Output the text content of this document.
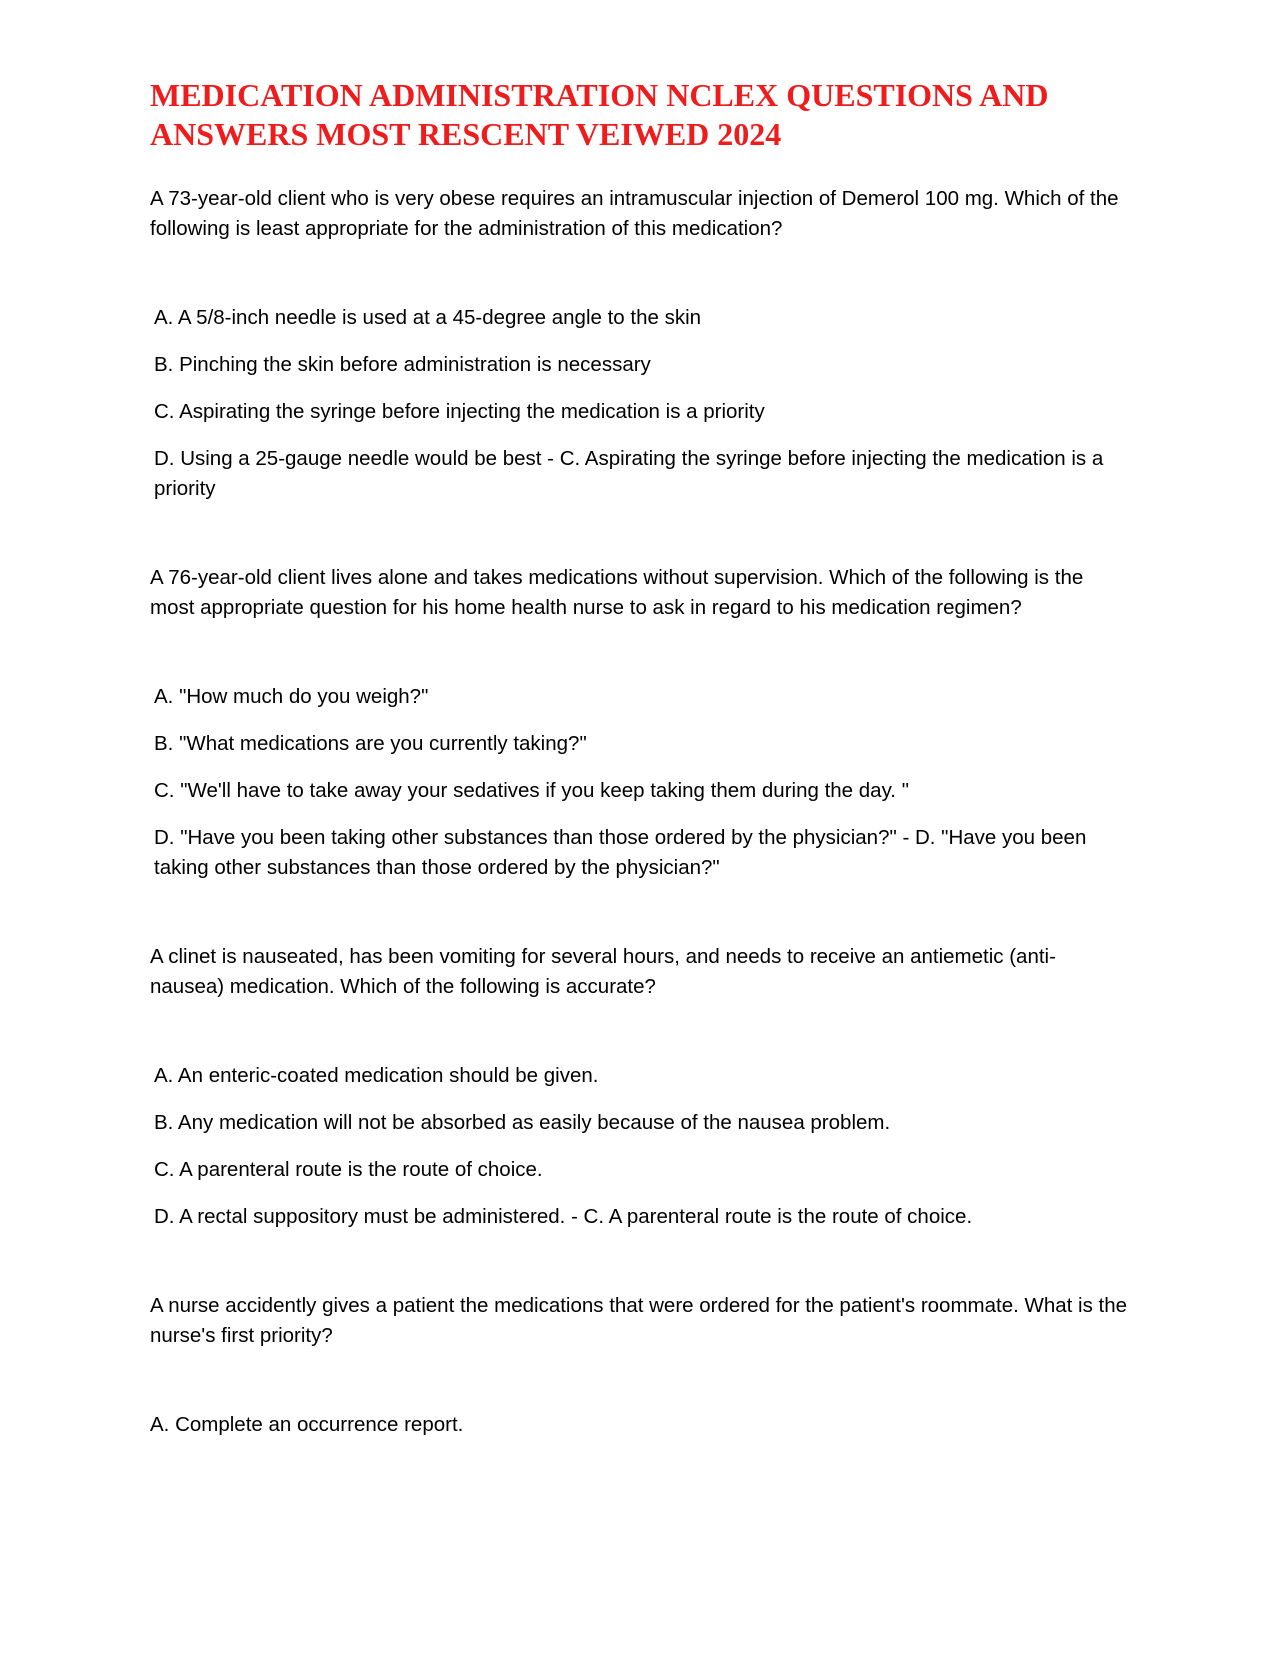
MEDICATION ADMINISTRATION NCLEX QUESTIONS AND ANSWERS MOST RESCENT VEIWED 2024

A 73-year-old client who is very obese requires an intramuscular injection of Demerol 100 mg. Which of the following is least appropriate for the administration of this medication?

A. A 5/8-inch needle is used at a 45-degree angle to the skin

B. Pinching the skin before administration is necessary

C. Aspirating the syringe before injecting the medication is a priority

D. Using a 25-gauge needle would be best - C. Aspirating the syringe before injecting the medication is a priority

A 76-year-old client lives alone and takes medications without supervision. Which of the following is the most appropriate question for his home health nurse to ask in regard to his medication regimen?

A. "How much do you weigh?"

B. "What medications are you currently taking?"

C. "We'll have to take away your sedatives if you keep taking them during the day. "

D. "Have you been taking other substances than those ordered by the physician?" - D. "Have you been taking other substances than those ordered by the physician?"

A clinet is nauseated, has been vomiting for several hours, and needs to receive an antiemetic (anti-nausea) medication. Which of the following is accurate?

A. An enteric-coated medication should be given.

B. Any medication will not be absorbed as easily because of the nausea problem.

C. A parenteral route is the route of choice.

D. A rectal suppository must be administered. - C. A parenteral route is the route of choice.

A nurse accidently gives a patient the medications that were ordered for the patient's roommate. What is the nurse's first priority?

A. Complete an occurrence report.
